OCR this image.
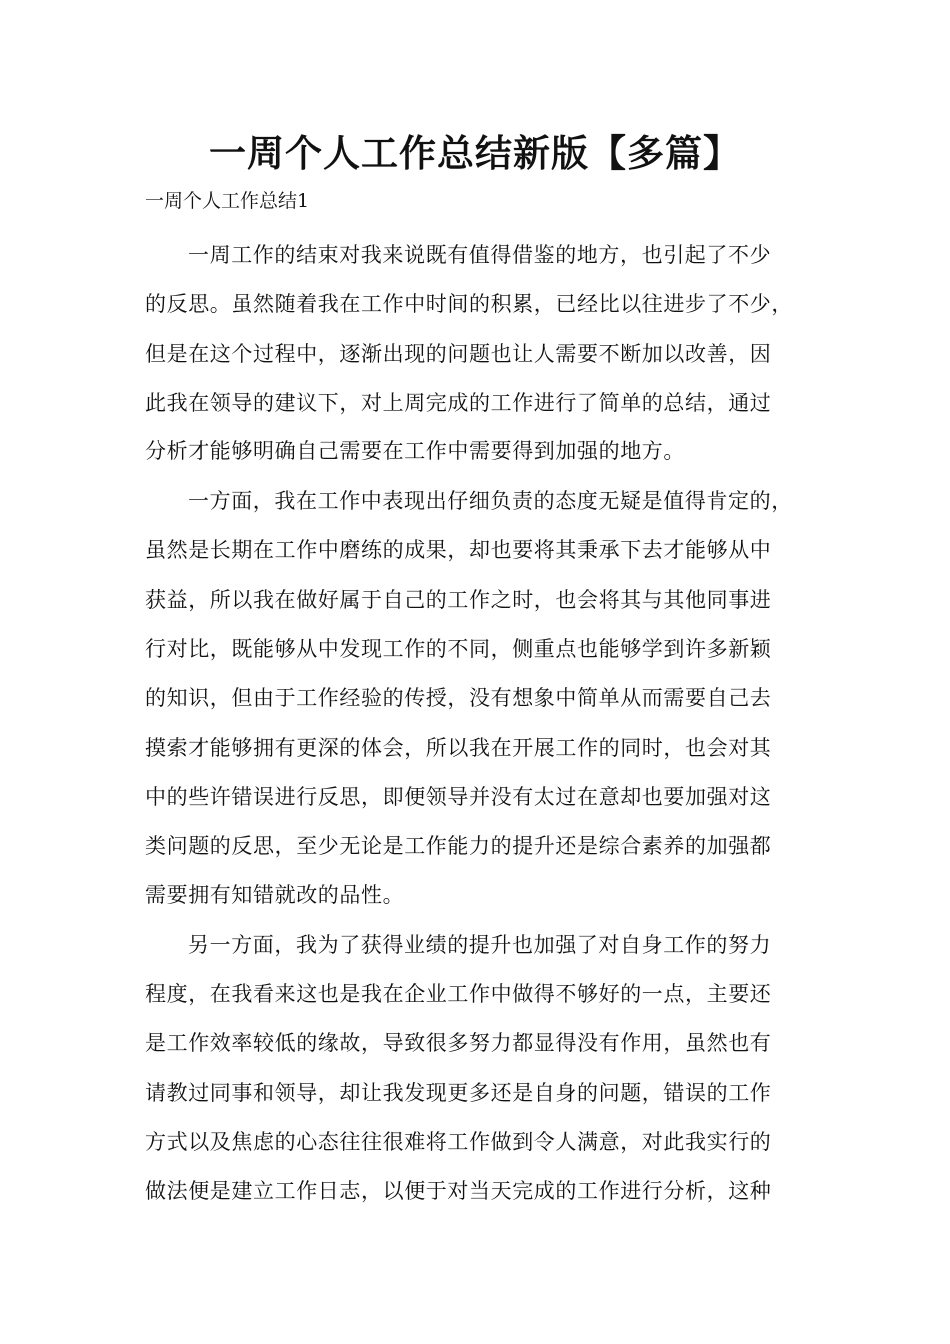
一周个人工作总结新版【多篇】

一周个人工作总结1

一周工作的结束对我来说既有值得借鉴的地方，也引起了不少

的反思。虽然随着我在工作中时间的积累，已经比以往进步了不少，

但是在这个过程中，逐渐出现的问题也让人需要不断加以改善，因

此我在领导的建议下，对上周完成的工作进行了简单的总结，通过

分析才能够明确自己需要在工作中需要得到加强的地方。

一方面，我在工作中表现出仔细负责的态度无疑是值得肯定的，

虽然是长期在工作中磨练的成果，却也要将其秉承下去才能够从中

获益，所以我在做好属于自己的工作之时，也会将其与其他同事进

行对比，既能够从中发现工作的不同，侧重点也能够学到许多新颖

的知识，但由于工作经验的传授，没有想象中简单从而需要自己去

摸索才能够拥有更深的体会，所以我在开展工作的同时，也会对其

中的些许错误进行反思，即便领导并没有太过在意却也要加强对这

类问题的反思，至少无论是工作能力的提升还是综合素养的加强都

需要拥有知错就改的品性。

另一方面，我为了获得业绩的提升也加强了对自身工作的努力

程度，在我看来这也是我在企业工作中做得不够好的一点，主要还

是工作效率较低的缘故，导致很多努力都显得没有作用，虽然也有

请教过同事和领导，却让我发现更多还是自身的问题，错误的工作

方式以及焦虑的心态往往很难将工作做到令人满意，对此我实行的

做法便是建立工作日志，以便于对当天完成的工作进行分析，这种
